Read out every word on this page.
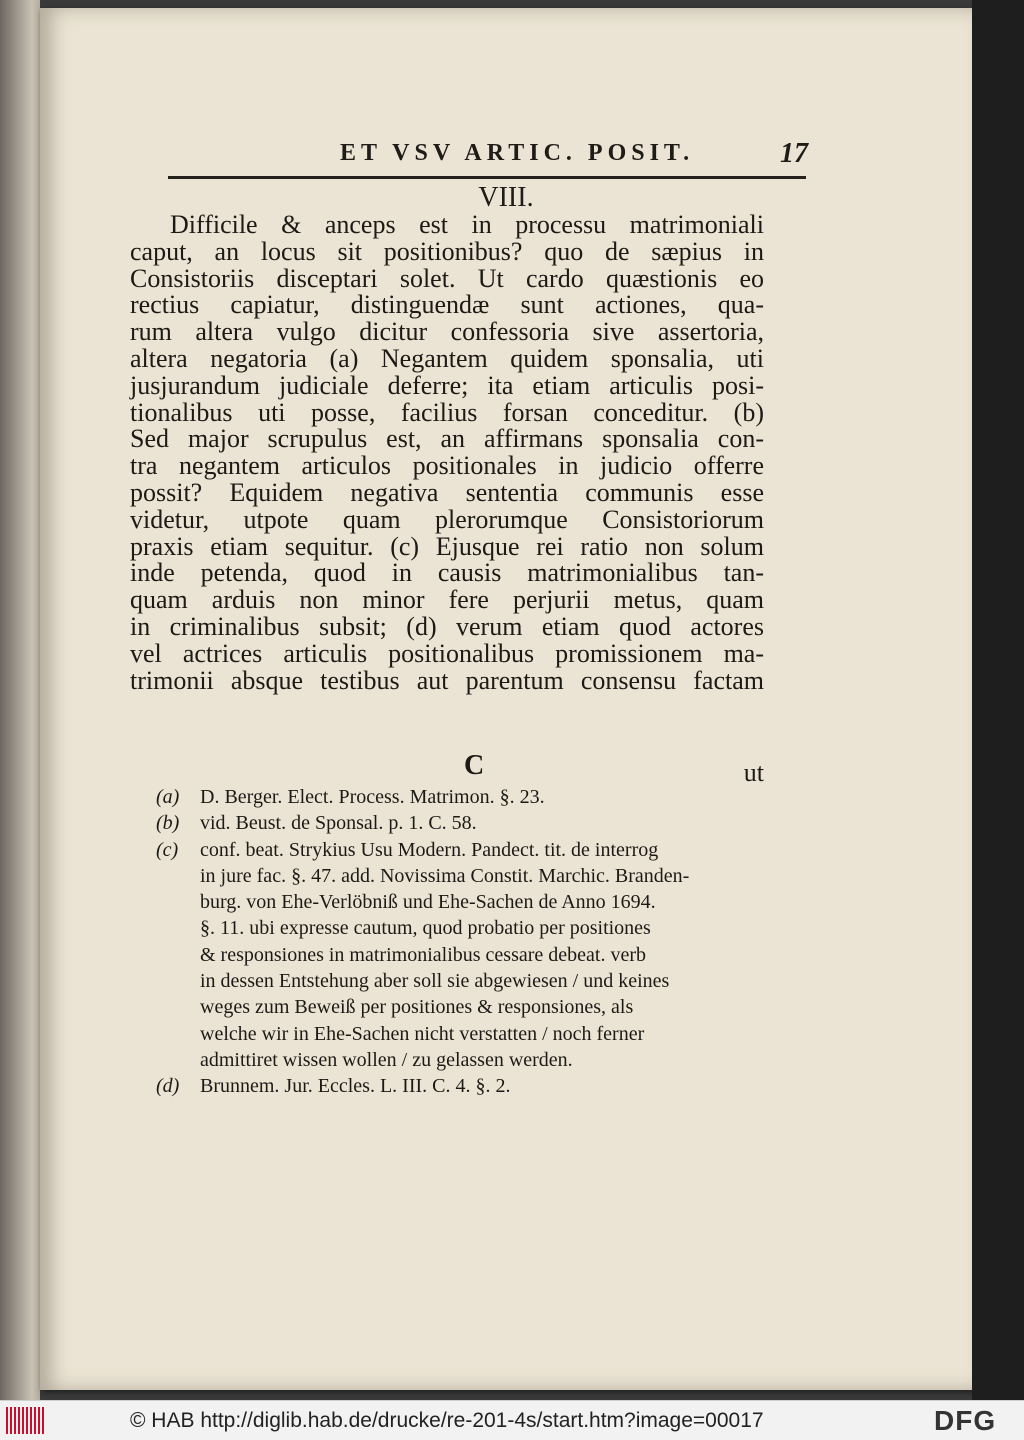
ET VSV ARTIC. POSIT.	17
VIII.
Difficile & anceps est in processu matrimoniali
caput, an locus sit positionibus? quo de sæpius in
Consistoriis disceptari solet. Ut cardo quæstionis eo
rectius capiatur, distinguendæ sunt actiones, qua-
rum altera vulgo dicitur confessoria sive assertoria,
altera negatoria (a) Negantem quidem sponsalia, uti
jusjurandum judiciale deferre; ita etiam articulis posi-
tionalibus uti posse, facilius forsan conceditur. (b)
Sed major scrupulus est, an affirmans sponsalia con-
tra negantem articulos positionales in judicio offerre
possit? Equidem negativa sententia communis esse
videtur, utpote quam plerorumque Consistoriorum
praxis etiam sequitur. (c) Ejusque rei ratio non solum
inde petenda, quod in causis matrimonialibus tan-
quam arduis non minor fere perjurii metus, quam
in criminalibus subsit; (d) verum etiam quod actores
vel actrices articulis positionalibus promissionem ma-
trimonii absque testibus aut parentum consensu factam
C	ut
(a) D. Berger. Elect. Process. Matrimon. §. 23.
(b) vid. Beust. de Sponsal. p. 1. C. 58.
(c) conf. beat. Strykius Usu Modern. Pandect. tit. de interrog
in jure fac. §. 47. add. Novissima Constit. Marchic. Branden-
burg. von Ehe-Verlöbniß und Ehe-Sachen de Anno 1694.
§. 11. ubi expresse cautum, quod probatio per positiones
& responsiones in matrimonialibus cessare debeat. verb
in dessen Entstehung aber soll sie abgewiesen / und keines
weges zum Beweiß per positiones & responsiones, als
welche wir in Ehe-Sachen nicht verstatten / noch ferner
admittiret wissen wollen / zu gelassen werden.
(d) Brunnem. Jur. Eccles. L. III. C. 4. §. 2.
© HAB http://diglib.hab.de/drucke/re-201-4s/start.htm?image=00017	DFG
